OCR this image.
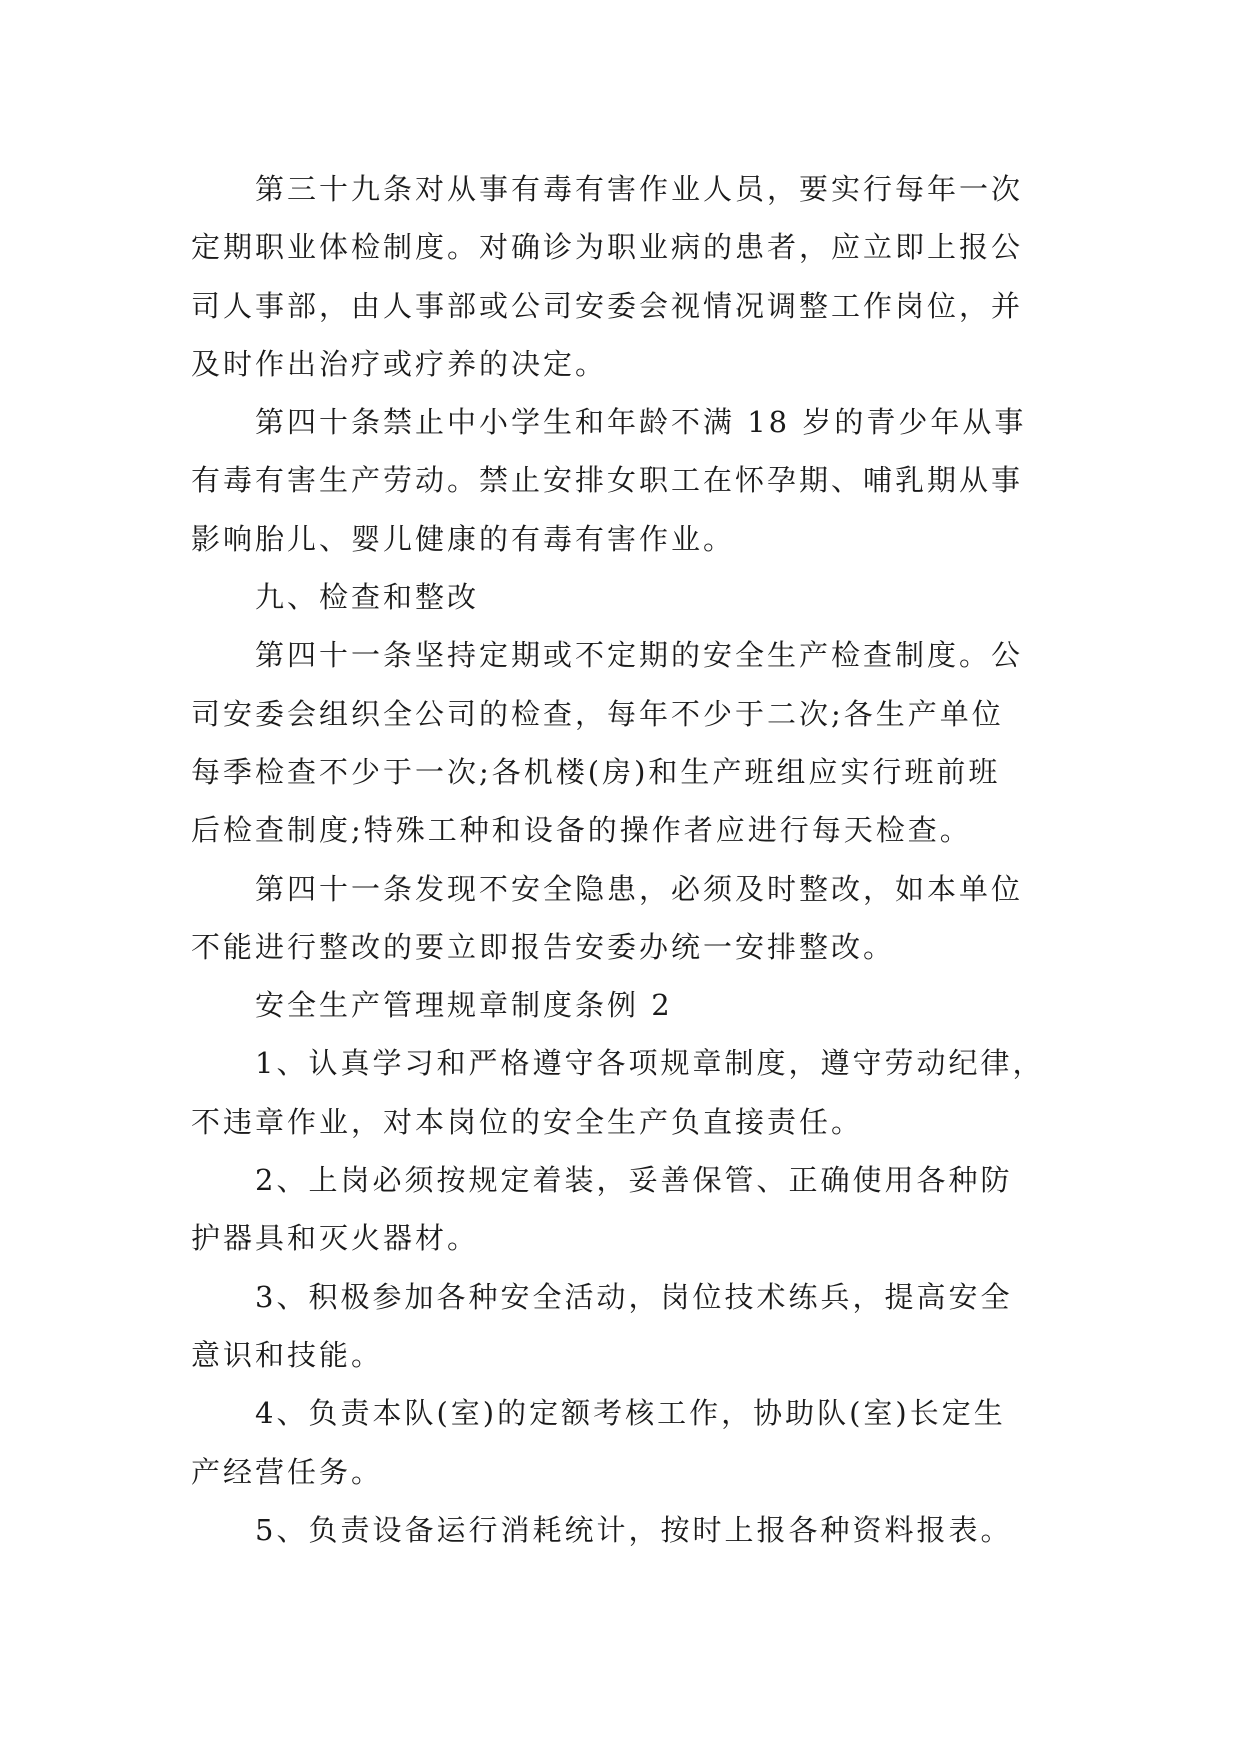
第三十九条对从事有毒有害作业人员，要实行每年一次
定期职业体检制度。对确诊为职业病的患者，应立即上报公
司人事部，由人事部或公司安委会视情况调整工作岗位，并
及时作出治疗或疗养的决定。
第四十条禁止中小学生和年龄不满 18 岁的青少年从事
有毒有害生产劳动。禁止安排女职工在怀孕期、哺乳期从事
影响胎儿、婴儿健康的有毒有害作业。
九、检查和整改
第四十一条坚持定期或不定期的安全生产检查制度。公
司安委会组织全公司的检查，每年不少于二次;各生产单位
每季检查不少于一次;各机楼(房)和生产班组应实行班前班
后检查制度;特殊工种和设备的操作者应进行每天检查。
第四十一条发现不安全隐患，必须及时整改，如本单位
不能进行整改的要立即报告安委办统一安排整改。
安全生产管理规章制度条例 2
1、认真学习和严格遵守各项规章制度，遵守劳动纪律，
不违章作业，对本岗位的安全生产负直接责任。
2、上岗必须按规定着装，妥善保管、正确使用各种防
护器具和灭火器材。
3、积极参加各种安全活动，岗位技术练兵，提高安全
意识和技能。
4、负责本队(室)的定额考核工作，协助队(室)长定生
产经营任务。
5、负责设备运行消耗统计，按时上报各种资料报表。
